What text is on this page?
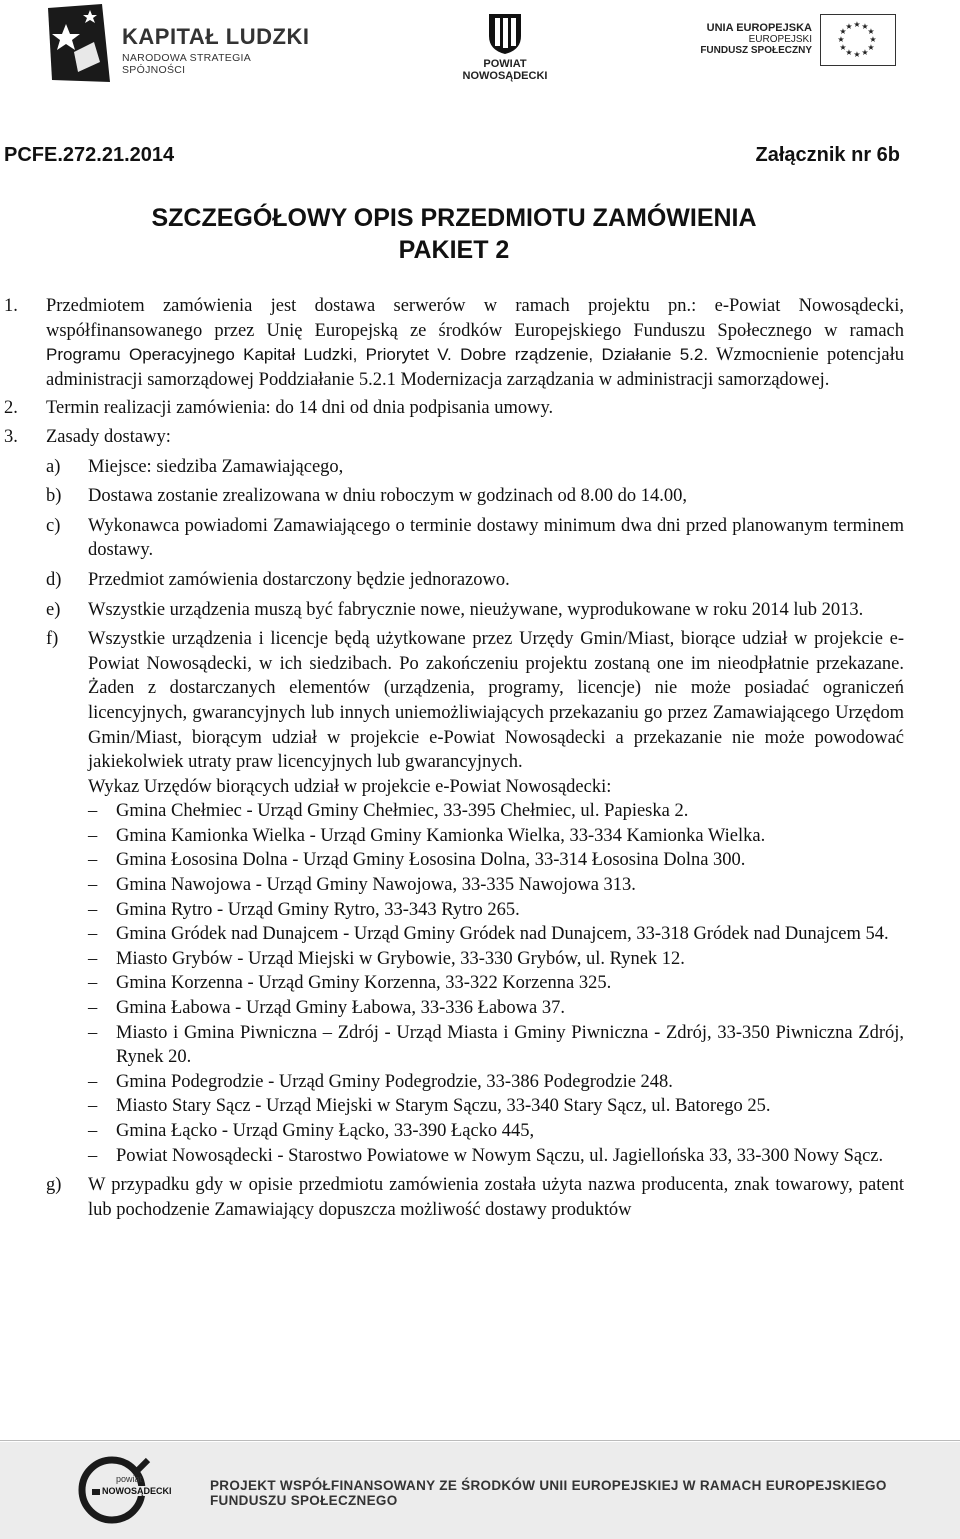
KAPITAŁ LUDZKI
NARODOWA STRATEGIA SPÓJNOŚCI	POWIAT NOWOSĄDECKI
UNIA EUROPEJSKA
EUROPEJSKI
FUNDUSZ SPOŁECZNY
★ ★
★
★
★
★
★
★
★
★
★
★
PCFE.272.21.2014	Załącznik nr 6b
SZCZEGÓŁOWY OPIS PRZEDMIOTU ZAMÓWIENIA
PAKIET 2
1. Przedmiotem zamówienia jest dostawa serwerów w ramach projektu pn.: e-Powiat Nowosądecki, współfinansowanego przez Unię Europejską ze środków Europejskiego Funduszu Społecznego w ramach Programu Operacyjnego Kapitał Ludzki, Priorytet V. Dobre rządzenie, Działanie 5.2. Wzmocnienie potencjału administracji samorządowej Poddziałanie 5.2.1 Modernizacja zarządzania w administracji samorządowej.
2. Termin realizacji zamówienia: do 14 dni od dnia podpisania umowy.
3. Zasady dostawy:
a) Miejsce: siedziba Zamawiającego,
b) Dostawa zostanie zrealizowana w dniu roboczym w godzinach od 8.00 do 14.00,
c) Wykonawca powiadomi Zamawiającego o terminie dostawy minimum dwa dni przed planowanym terminem dostawy.
d) Przedmiot zamówienia dostarczony będzie jednorazowo.
e) Wszystkie urządzenia muszą być fabrycznie nowe, nieużywane, wyprodukowane w roku 2014 lub 2013.
f) Wszystkie urządzenia i licencje będą użytkowane przez Urzędy Gmin/Miast, biorące udział w projekcie e-Powiat Nowosądecki, w ich siedzibach. Po zakończeniu projektu zostaną one im nieodpłatnie przekazane. Żaden z dostarczanych elementów (urządzenia, programy, licencje) nie może posiadać ograniczeń licencyjnych, gwarancyjnych lub innych uniemożliwiających przekazaniu go przez Zamawiającego Urzędom Gmin/Miast, biorącym udział w projekcie e-Powiat Nowosądecki a przekazanie nie może powodować jakiekolwiek utraty praw licencyjnych lub gwarancyjnych.
Wykaz Urzędów biorących udział w projekcie e-Powiat Nowosądecki:
– Gmina Chełmiec - Urząd Gminy Chełmiec, 33-395 Chełmiec, ul. Papieska 2.
– Gmina Kamionka Wielka - Urząd Gminy Kamionka Wielka, 33-334 Kamionka Wielka.
– Gmina Łososina Dolna - Urząd Gminy Łososina Dolna, 33-314 Łososina Dolna 300.
– Gmina Nawojowa - Urząd Gminy Nawojowa, 33-335 Nawojowa 313.
– Gmina Rytro - Urząd Gminy Rytro, 33-343 Rytro 265.
– Gmina Gródek nad Dunajcem - Urząd Gminy Gródek nad Dunajcem, 33-318 Gródek nad Dunajcem 54.
– Miasto Grybów - Urząd Miejski w Grybowie, 33-330 Grybów, ul. Rynek 12.
– Gmina Korzenna - Urząd Gminy Korzenna, 33-322 Korzenna 325.
– Gmina Łabowa - Urząd Gminy Łabowa, 33-336 Łabowa 37.
– Miasto i Gmina Piwniczna – Zdrój - Urząd Miasta i Gminy Piwniczna - Zdrój, 33-350 Piwniczna Zdrój, Rynek 20.
– Gmina Podegrodzie - Urząd Gminy Podegrodzie, 33-386 Podegrodzie 248.
– Miasto Stary Sącz - Urząd Miejski w Starym Sączu, 33-340 Stary Sącz, ul. Batorego 25.
– Gmina Łącko - Urząd Gminy Łącko, 33-390 Łącko 445,
– Powiat Nowosądecki - Starostwo Powiatowe w Nowym Sączu, ul. Jagiellońska 33, 33-300 Nowy Sącz.
g) W przypadku gdy w opisie przedmiotu zamówienia została użyta nazwa producenta, znak towarowy, patent lub pochodzenie Zamawiający dopuszcza możliwość dostawy produktów
powiat
NOWOSĄDECKI	PROJEKT WSPÓŁFINANSOWANY ZE ŚRODKÓW UNII EUROPEJSKIEJ W RAMACH EUROPEJSKIEGO FUNDUSZU SPOŁECZNEGO
